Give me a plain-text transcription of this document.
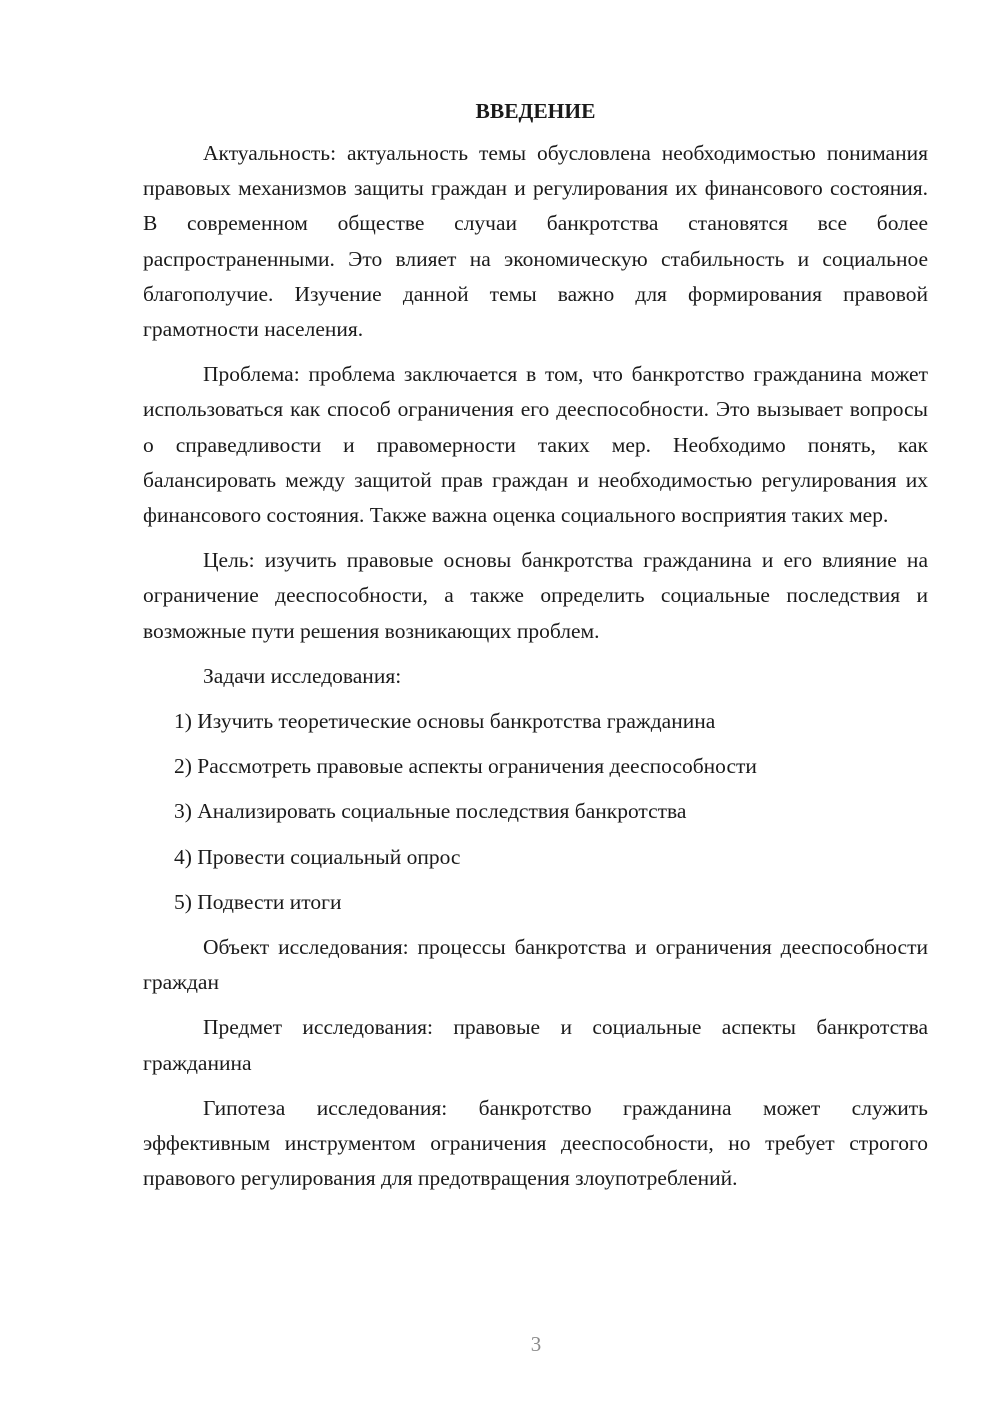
ВВЕДЕНИЕ

Актуальность: актуальность темы обусловлена необходимостью понимания правовых механизмов защиты граждан и регулирования их финансового состояния. В современном обществе случаи банкротства становятся все более распространенными. Это влияет на экономическую стабильность и социальное благополучие. Изучение данной темы важно для формирования правовой грамотности населения.

Проблема: проблема заключается в том, что банкротство гражданина может использоваться как способ ограничения его дееспособности. Это вызывает вопросы о справедливости и правомерности таких мер. Необходимо понять, как балансировать между защитой прав граждан и необходимостью регулирования их финансового состояния. Также важна оценка социального восприятия таких мер.

Цель: изучить правовые основы банкротства гражданина и его влияние на ограничение дееспособности, а также определить социальные последствия и возможные пути решения возникающих проблем.

Задачи исследования:

1) Изучить теоретические основы банкротства гражданина
2) Рассмотреть правовые аспекты ограничения дееспособности
3) Анализировать социальные последствия банкротства
4) Провести социальный опрос
5) Подвести итоги

Объект исследования: процессы банкротства и ограничения дееспособности граждан

Предмет исследования: правовые и социальные аспекты банкротства гражданина

Гипотеза исследования: банкротство гражданина может служить эффективным инструментом ограничения дееспособности, но требует строгого правового регулирования для предотвращения злоупотреблений.

3
